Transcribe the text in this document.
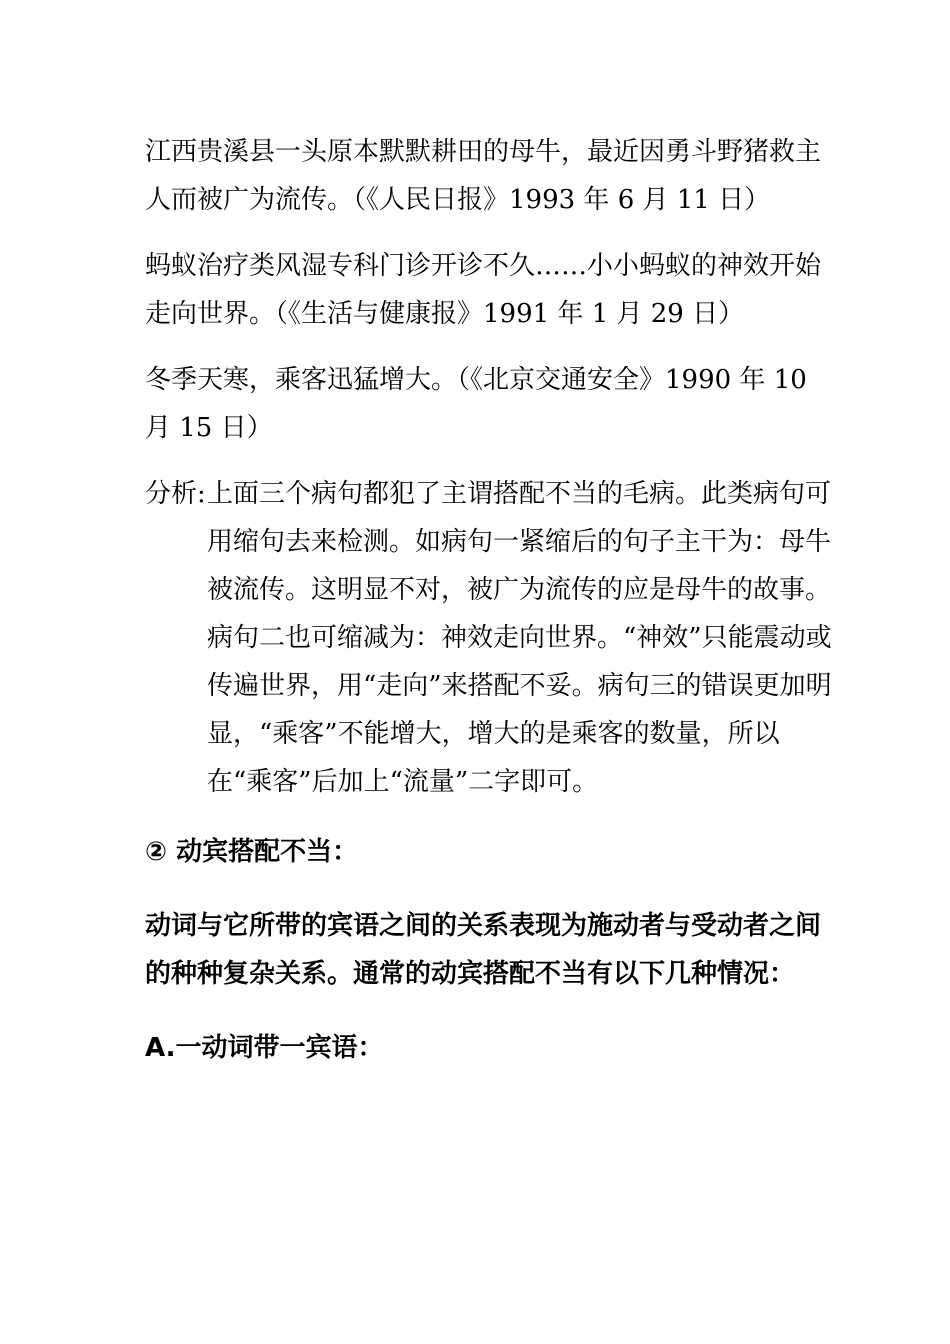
江西贵溪县一头原本默默耕田的母牛，最近因勇斗野猪救主人而被广为流传。（《人民日报》1993 年 6 月 11 日）

蚂蚁治疗类风湿专科门诊开诊不久……小小蚂蚁的神效开始走向世界。（《生活与健康报》1991 年 1 月 29 日）

冬季天寒，乘客迅猛增大。（《北京交通安全》1990 年 10 月 15 日）

分析: 上面三个病句都犯了主谓搭配不当的毛病。此类病句可用缩句去来检测。如病句一紧缩后的句子主干为：母牛被流传。这明显不对，被广为流传的应是母牛的故事。病句二也可缩减为：神效走向世界。“神效”只能震动或传遍世界，用“走向”来搭配不妥。病句三的错误更加明显，“乘客”不能增大，增大的是乘客的数量，所以在“乘客”后加上“流量”二字即可。

② 动宾搭配不当：

动词与它所带的宾语之间的关系表现为施动者与受动者之间的种种复杂关系。通常的动宾搭配不当有以下几种情况：

A.一动词带一宾语：
